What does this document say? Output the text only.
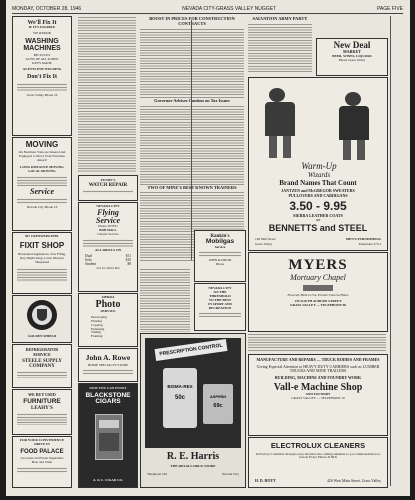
MONDAY, OCTOBER 28, 1946	NEVADA CITY-GRASS VALLEY NUGGET	PAGE FIVE
We'll Fix It
IF IT'S FIXABLE
WE REPAIR
WASHING MACHINES
BICYCLES
GUNS OF ALL KINDS
KEYS MADE
ACETYLENE WELDING
Don't Fix It
Grass Valley Phone 16
MOVING
On Furniture Vans are Insured and Equipped to Move Your Furniture Ahead!
LONG DISTANCE MOVING
LOCAL MOVING
Service
Nevada City Phone 16
307 CRENSHAW PHN.
FIXIT SHOP
Household Appliances, Saw Filing, Key Duplicating, Lawn Mowers Sharpened
GOLDEN SHIELD
REFRIGERATOR
SERVICE
STEELE SUPPLY
COMPANY
WE BUY USED
FURNITURE
LEAHY'S
FOR YOUR CONVENIENCE
DRIVE IN
FOOD PALACE
Groceries and Fresh Vegetables
Beer and Wine
FUNDY'S
WATCH REPAIR
NEVADA CITY
Flying
Service
Phone 293F21
BOB HALL
Charter Service
ALL DRILLS ON
Dual	$11
Solo	$10
Student	$8
Let Us Train You
SIERRA
Photo
SERVICE
Developing
Printing
Copying
Enlarging
Tinting
Framing
John A. Rowe
HOME SPECIALTY STORE
NOW YOU CAN ENJOY
BLACKSTONE
CIGARS
A. & C. CIGAR CO.
BOOST IN PRICES FOR CONSTRUCTION CONTRACTS
Governor Advises Caution on Tax Issues
TWO OF MINE'S BEST KNOWN TRAINERS
Rankin's
Mobilgas
Service
JOHN RANKIN
Phone
NEVADA CITY
ON THE
THRESHOLD
TO THE BEST
IN SPORT AND
RECREATION
PRESCRIPTION CONTROL
BISMA-REX
50c	ASPIRIN
69c
R. E. Harris
THE REXALL DRUG STORE
Telephone 100	Nevada City
SALVATION ARMY PARTY
New Deal
MARKET
BEER, WINES, LIQUORS
Phone Grass Valley
Warm-Up
Wizards
Brand Names That Count
JANTZEN and McGREGOR SWEATERS
PULLOVERS AND CARDIGANS
3.50 - 9.95
SIERRA LEATHER COATS
AT
BENNETTS and STEEL
126 Mill Street	MEN'S FURNISHINGS
Grass Valley	Telephone 275-J
MYERS
Mortuary Chapel
Funerals Held in Our Private Funeral Home
135 SOUTH AUBURN STREET
GRASS VALLEY — TELEPHONE 96
MANUFACTURE AND REPAIRS — TRUCK BODIES AND FRAMES
Giving Especial Attention to HEAVY DUTY CARRIERS such as LUMBER TRUCKS AND MINE TRAILERS
BUILDING, MACHINE AND FOUNDRY WORK
Vall-e Machine Shop
AND FOUNDRY
GRASS VALLEY — TELEPHONE 16
ELECTROLUX CLEANERS
In Factory Condition through every month is the coming sunshine to you. Demonstration or Join in Every Phone 413RX
H. D. HOYT	426 West Main Street, Grass Valley
